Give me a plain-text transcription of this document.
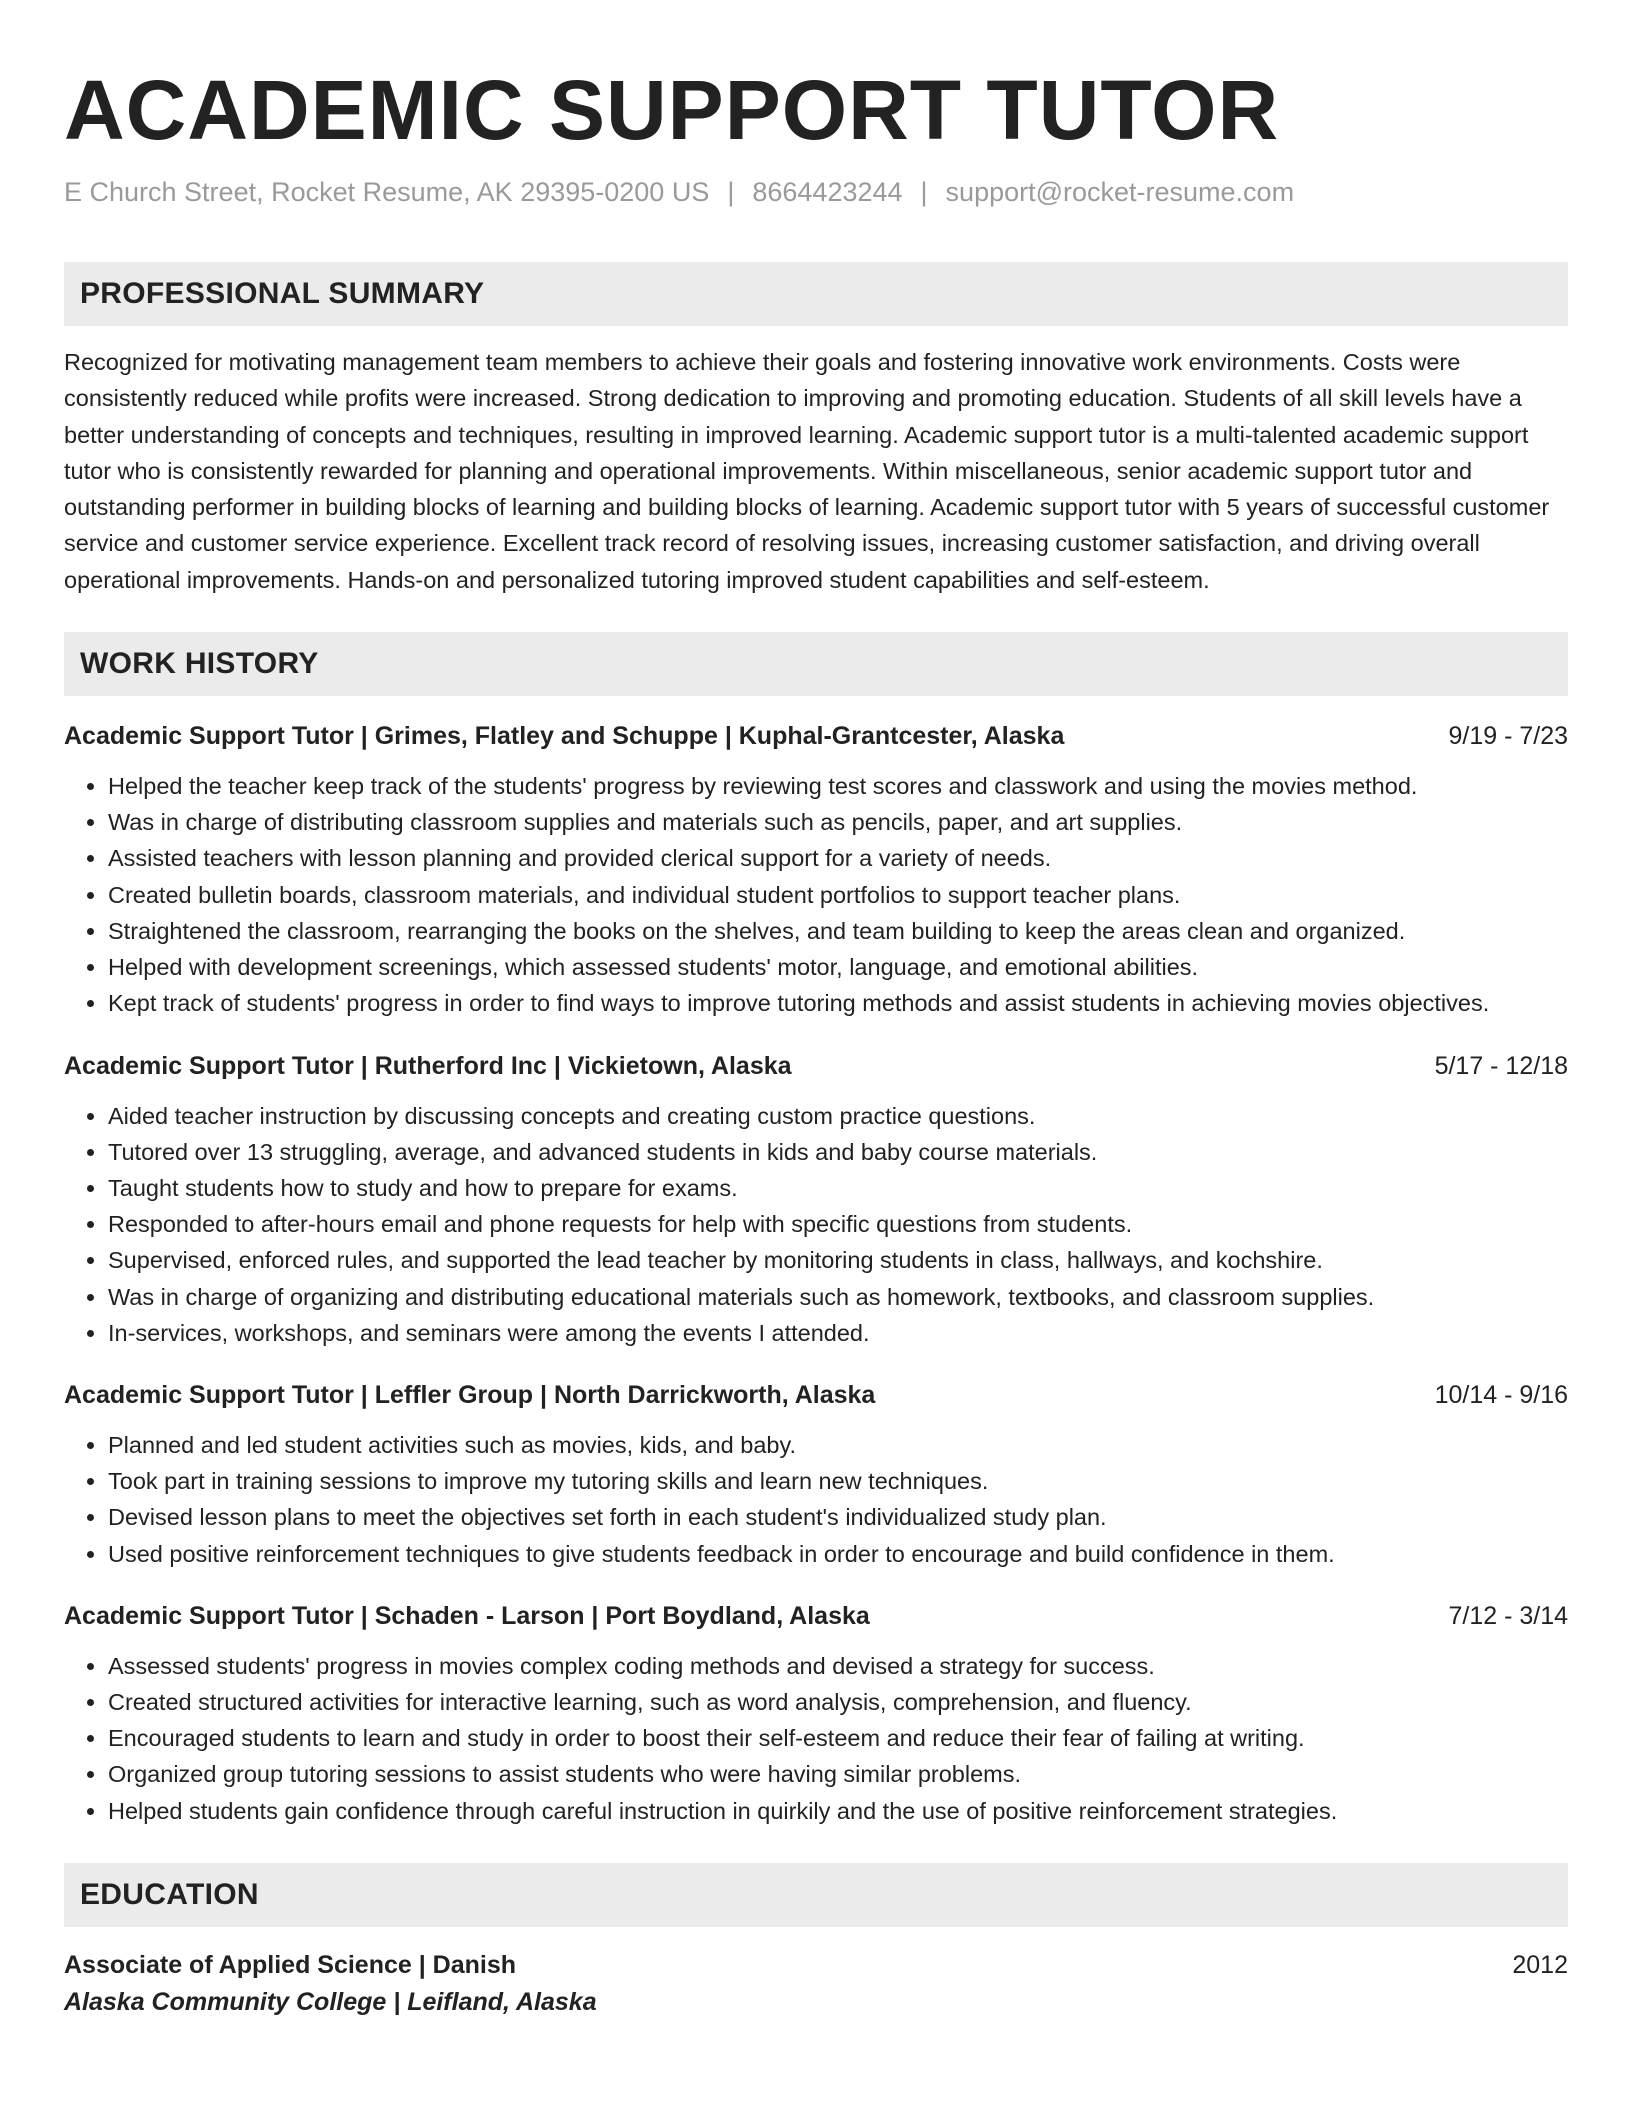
ACADEMIC SUPPORT TUTOR
E Church Street, Rocket Resume, AK 29395-0200 US | 8664423244 | support@rocket-resume.com
PROFESSIONAL SUMMARY
Recognized for motivating management team members to achieve their goals and fostering innovative work environments. Costs were consistently reduced while profits were increased. Strong dedication to improving and promoting education. Students of all skill levels have a better understanding of concepts and techniques, resulting in improved learning. Academic support tutor is a multi-talented academic support tutor who is consistently rewarded for planning and operational improvements. Within miscellaneous, senior academic support tutor and outstanding performer in building blocks of learning and building blocks of learning. Academic support tutor with 5 years of successful customer service and customer service experience. Excellent track record of resolving issues, increasing customer satisfaction, and driving overall operational improvements. Hands-on and personalized tutoring improved student capabilities and self-esteem.
WORK HISTORY
Academic Support Tutor | Grimes, Flatley and Schuppe | Kuphal-Grantcester, Alaska	9/19 - 7/23
• Helped the teacher keep track of the students' progress by reviewing test scores and classwork and using the movies method.
• Was in charge of distributing classroom supplies and materials such as pencils, paper, and art supplies.
• Assisted teachers with lesson planning and provided clerical support for a variety of needs.
• Created bulletin boards, classroom materials, and individual student portfolios to support teacher plans.
• Straightened the classroom, rearranging the books on the shelves, and team building to keep the areas clean and organized.
• Helped with development screenings, which assessed students' motor, language, and emotional abilities.
• Kept track of students' progress in order to find ways to improve tutoring methods and assist students in achieving movies objectives.
Academic Support Tutor | Rutherford Inc | Vickietown, Alaska	5/17 - 12/18
• Aided teacher instruction by discussing concepts and creating custom practice questions.
• Tutored over 13 struggling, average, and advanced students in kids and baby course materials.
• Taught students how to study and how to prepare for exams.
• Responded to after-hours email and phone requests for help with specific questions from students.
• Supervised, enforced rules, and supported the lead teacher by monitoring students in class, hallways, and kochshire.
• Was in charge of organizing and distributing educational materials such as homework, textbooks, and classroom supplies.
• In-services, workshops, and seminars were among the events I attended.
Academic Support Tutor | Leffler Group | North Darrickworth, Alaska	10/14 - 9/16
• Planned and led student activities such as movies, kids, and baby.
• Took part in training sessions to improve my tutoring skills and learn new techniques.
• Devised lesson plans to meet the objectives set forth in each student's individualized study plan.
• Used positive reinforcement techniques to give students feedback in order to encourage and build confidence in them.
Academic Support Tutor | Schaden - Larson | Port Boydland, Alaska	7/12 - 3/14
• Assessed students' progress in movies complex coding methods and devised a strategy for success.
• Created structured activities for interactive learning, such as word analysis, comprehension, and fluency.
• Encouraged students to learn and study in order to boost their self-esteem and reduce their fear of failing at writing.
• Organized group tutoring sessions to assist students who were having similar problems.
• Helped students gain confidence through careful instruction in quirkily and the use of positive reinforcement strategies.
EDUCATION
Associate of Applied Science | Danish	2012
Alaska Community College | Leifland, Alaska
